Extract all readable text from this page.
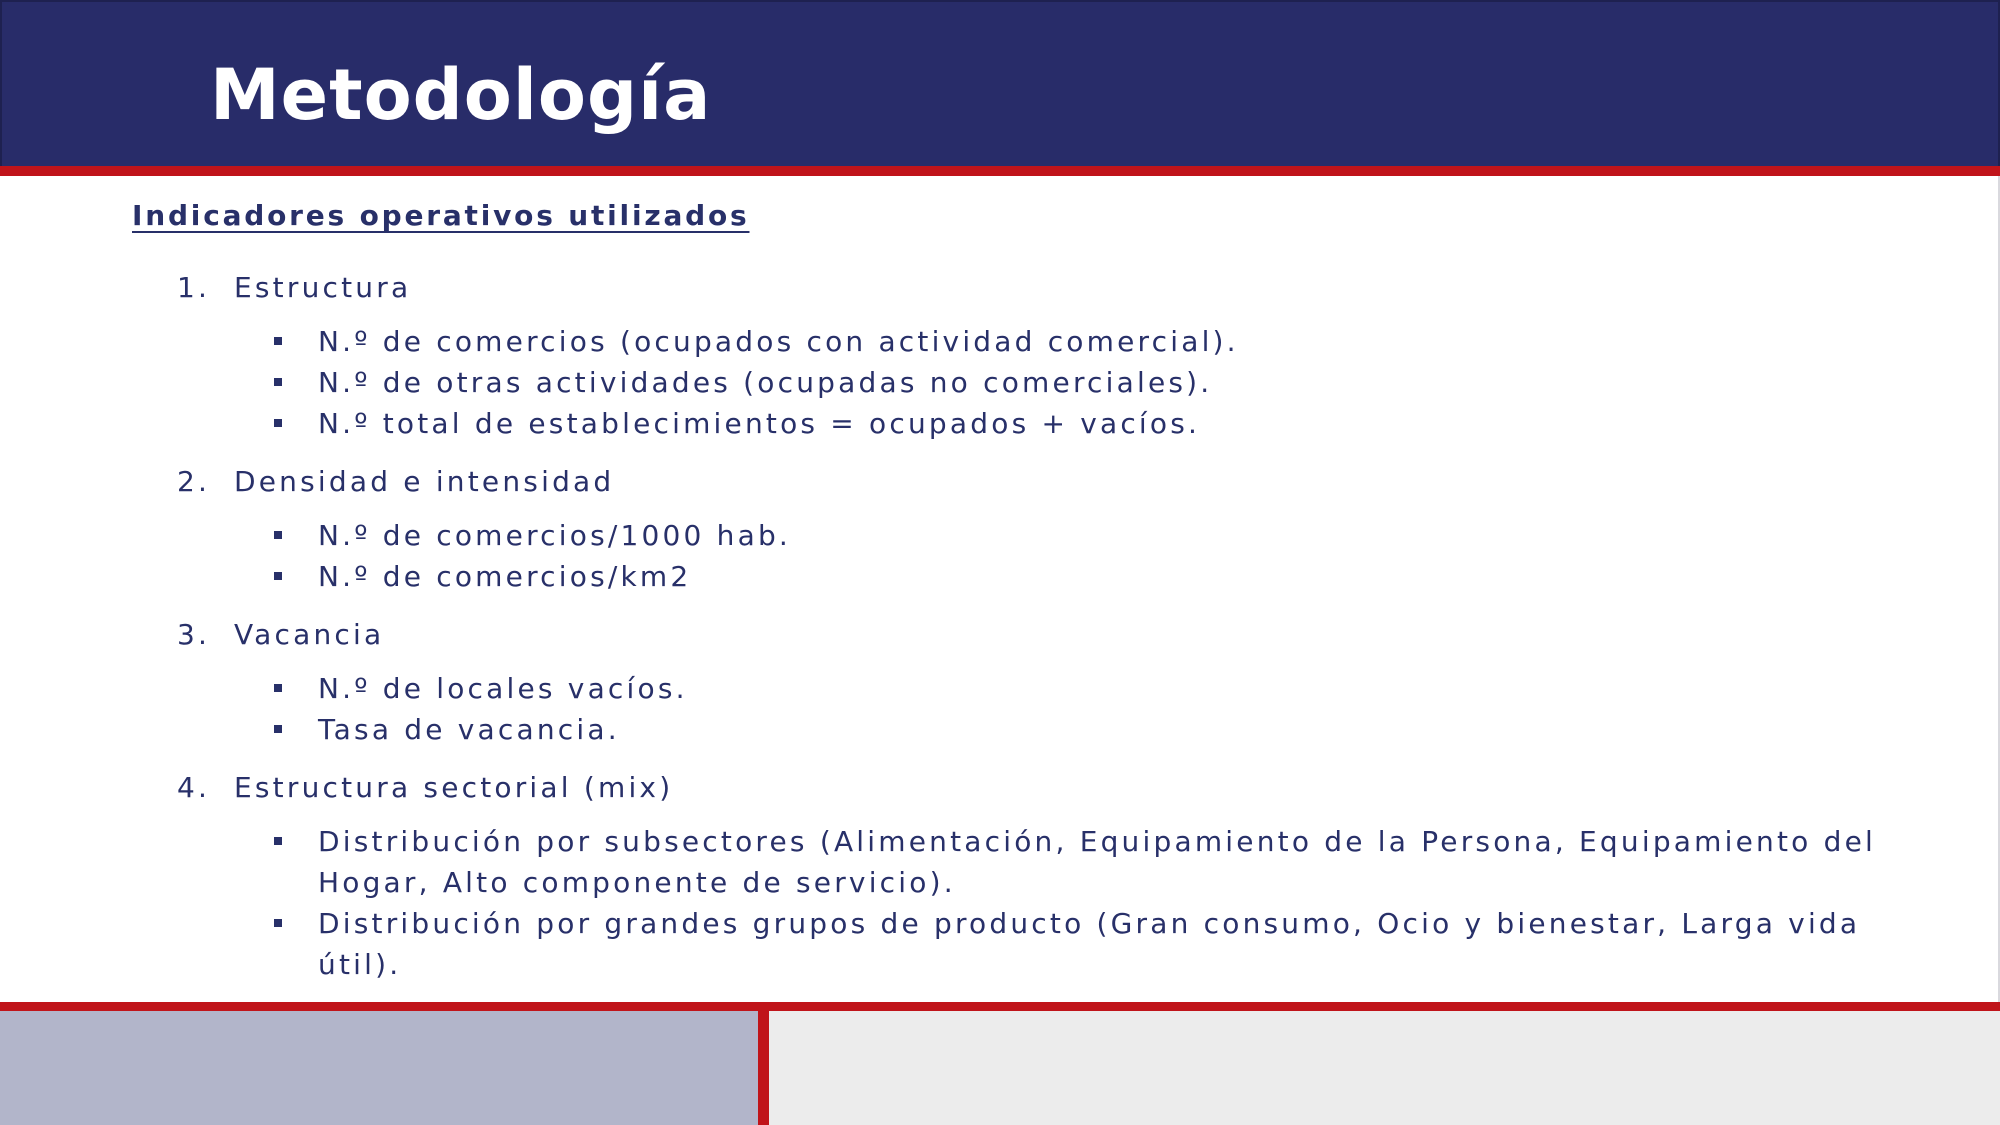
Metodología
Indicadores operativos utilizados
1. Estructura
N.º de comercios (ocupados con actividad comercial).
N.º de otras actividades (ocupadas no comerciales).
N.º total de establecimientos = ocupados + vacíos.
2. Densidad e intensidad
N.º de comercios/1000 hab.
N.º de comercios/km2
3. Vacancia
N.º de locales vacíos.
Tasa de vacancia.
4. Estructura sectorial (mix)
Distribución por subsectores (Alimentación, Equipamiento de la Persona, Equipamiento del Hogar, Alto componente de servicio).
Distribución por grandes grupos de producto (Gran consumo, Ocio y bienestar, Larga vida útil).
